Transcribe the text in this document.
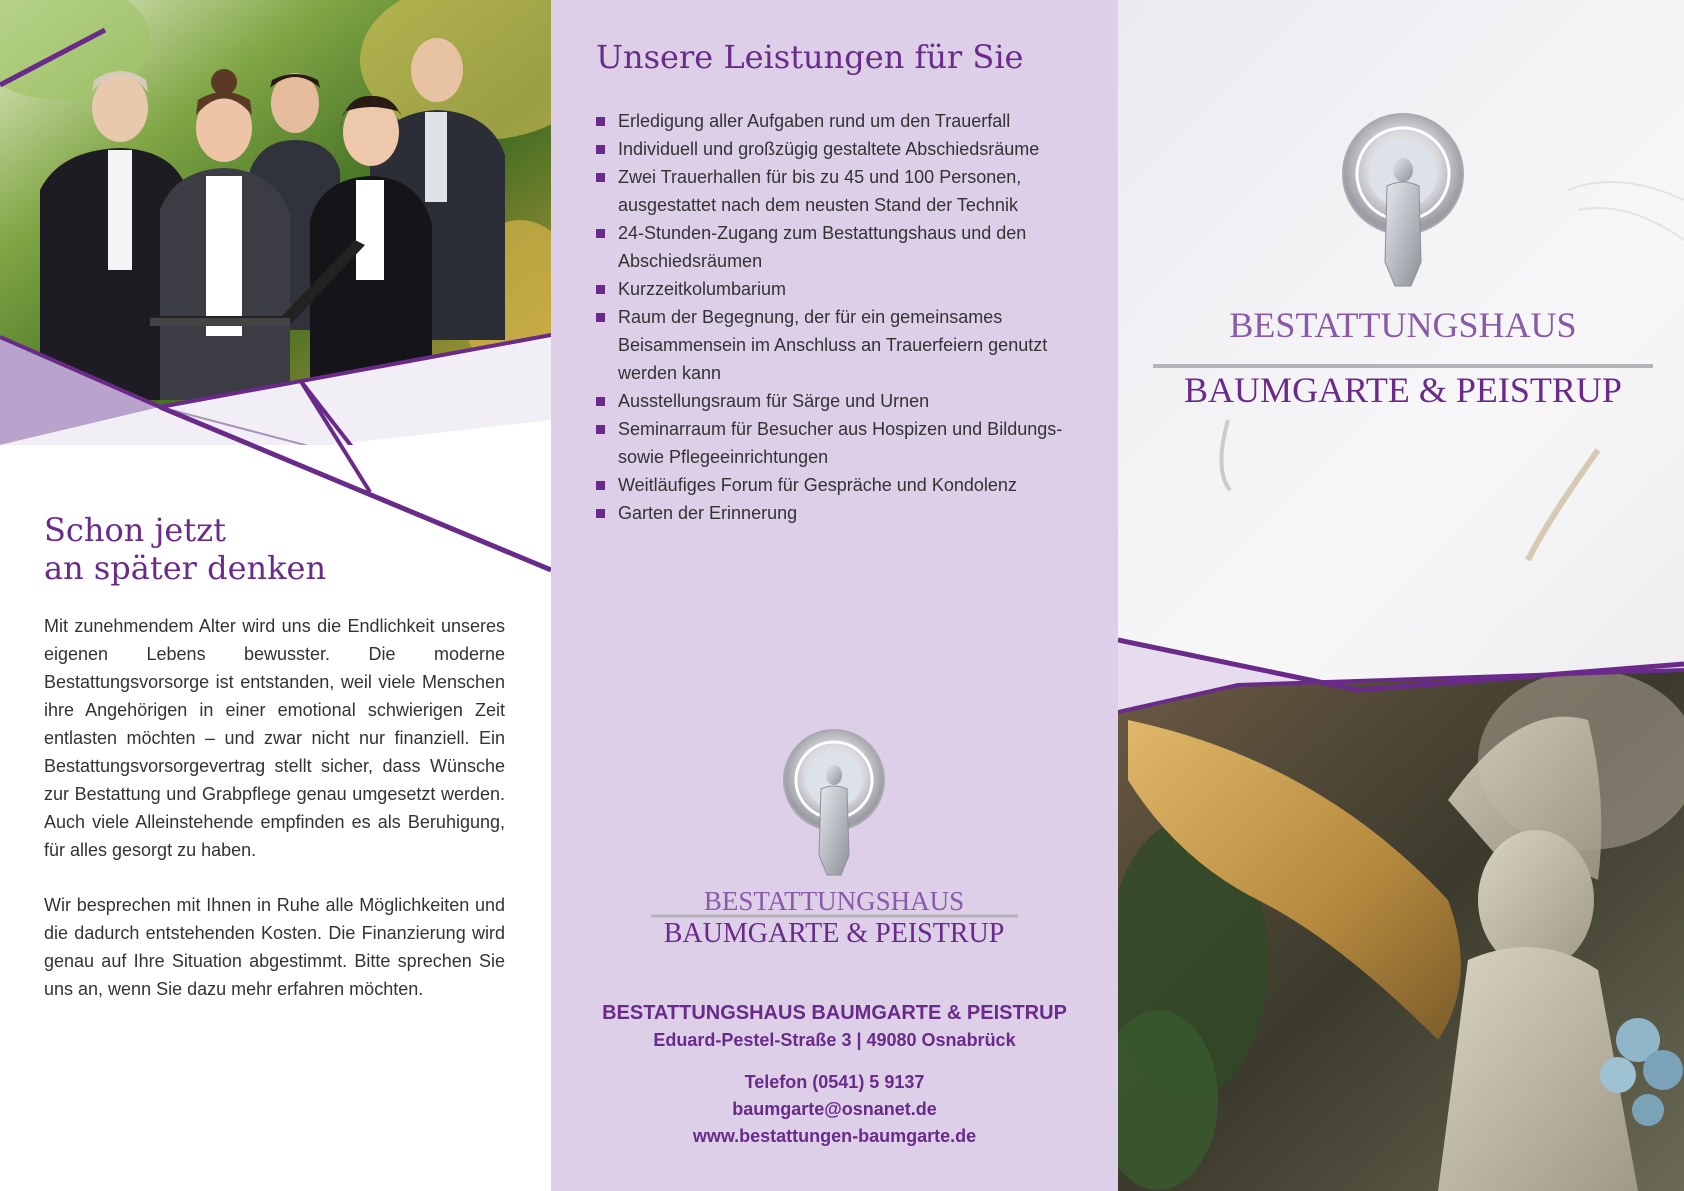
Schon jetzt
an später denken

Mit zunehmendem Alter wird uns die Endlichkeit unseres eigenen Lebens bewusster. Die moderne Bestattungsvorsorge ist entstanden, weil viele Menschen ihre Angehörigen in einer emotional schwierigen Zeit entlasten möchten – und zwar nicht nur finanziell. Ein Bestattungsvorsorgevertrag stellt sicher, dass Wünsche zur Bestattung und Grabpflege genau umgesetzt werden. Auch viele Alleinstehende empfinden es als Beruhigung, für alles gesorgt zu haben.

Wir besprechen mit Ihnen in Ruhe alle Möglichkeiten und die dadurch entstehenden Kosten. Die Finanzierung wird genau auf Ihre Situation abgestimmt. Bitte sprechen Sie uns an, wenn Sie dazu mehr erfahren möchten.

Unsere Leistungen für Sie
Erledigung aller Aufgaben rund um den Trauerfall
Individuell und großzügig gestaltete Abschiedsräume
Zwei Trauerhallen für bis zu 45 und 100 Personen, ausgestattet nach dem neusten Stand der Technik
24-Stunden-Zugang zum Bestattungshaus und den Abschiedsräumen
Kurzzeitkolumbarium
Raum der Begegnung, der für ein gemeinsames Beisammensein im Anschluss an Trauerfeiern genutzt werden kann
Ausstellungsraum für Särge und Urnen
Seminarraum für Besucher aus Hospizen und Bildungs- sowie Pflegeeinrichtungen
Weitläufiges Forum für Gespräche und Kondolenz
Garten der Erinnerung
BESTATTUNGSHAUS
BAUMGARTE & PEISTRUP

BESTATTUNGSHAUS BAUMGARTE & PEISTRUP

Eduard-Pestel-Straße 3 | 49080 Osnabrück

Telefon (0541) 5 9137

baumgarte@osnanet.de

www.bestattungen-baumgarte.de

BESTATTUNGSHAUS
BAUMGARTE & PEISTRUP
